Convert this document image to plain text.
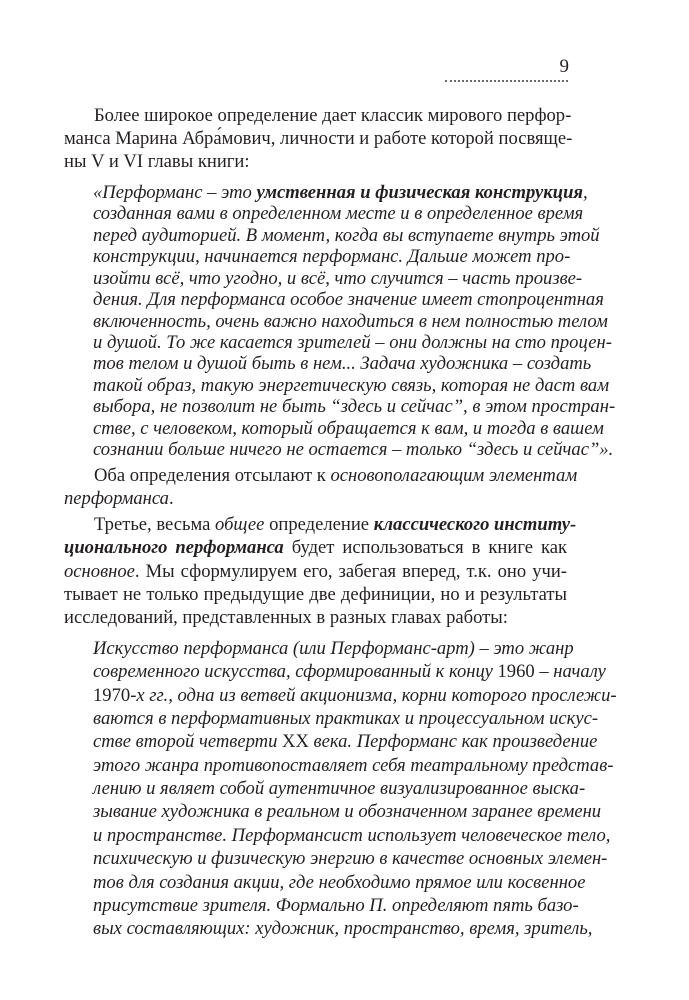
9
Более широкое определение дает классик мирового перфор-
манса Марина Абра́мович, личности и работе которой посвяще-
ны V и VI главы книги:
«Перформанс – это умственная и физическая конструкция,
созданная вами в определенном месте и в определенное время
перед аудиторией. В момент, когда вы вступаете внутрь этой
конструкции, начинается перформанс. Дальше может про-
изойти всё, что угодно, и всё, что случится – часть произве-
дения. Для перформанса особое значение имеет стопроцентная
включенность, очень важно находиться в нем полностью телом
и душой. То же касается зрителей – они должны на сто процен-
тов телом и душой быть в нем... Задача художника – создать
такой образ, такую энергетическую связь, которая не даст вам
выбора, не позволит не быть “здесь и сейчас”, в этом простран-
стве, с человеком, который обращается к вам, и тогда в вашем
сознании больше ничего не остается – только “здесь и сейчас”».
Оба определения отсылают к основополагающим элементам
перформанса.
Третье, весьма общее определение классического институ-
ционального перформанса будет использоваться в книге как
основное. Мы сформулируем его, забегая вперед, т.к. оно учи-
тывает не только предыдущие две дефиниции, но и результаты
исследований, представленных в разных главах работы:
Искусство перформанса (или Перформанс-арт) – это жанр
современного искусства, сформированный к концу 1960 – началу
1970-х гг., одна из ветвей акционизма, корни которого прослежи-
ваются в перформативных практиках и процессуальном искус-
стве второй четверти XX века. Перформанс как произведение
этого жанра противопоставляет себя театральному представ-
лению и являет собой аутентичное визуализированное выска-
зывание художника в реальном и обозначенном заранее времени
и пространстве. Перформансист использует человеческое тело,
психическую и физическую энергию в качестве основных элемен-
тов для создания акции, где необходимо прямое или косвенное
присутствие зрителя. Формально П. определяют пять базо-
вых составляющих: художник, пространство, время, зритель,
